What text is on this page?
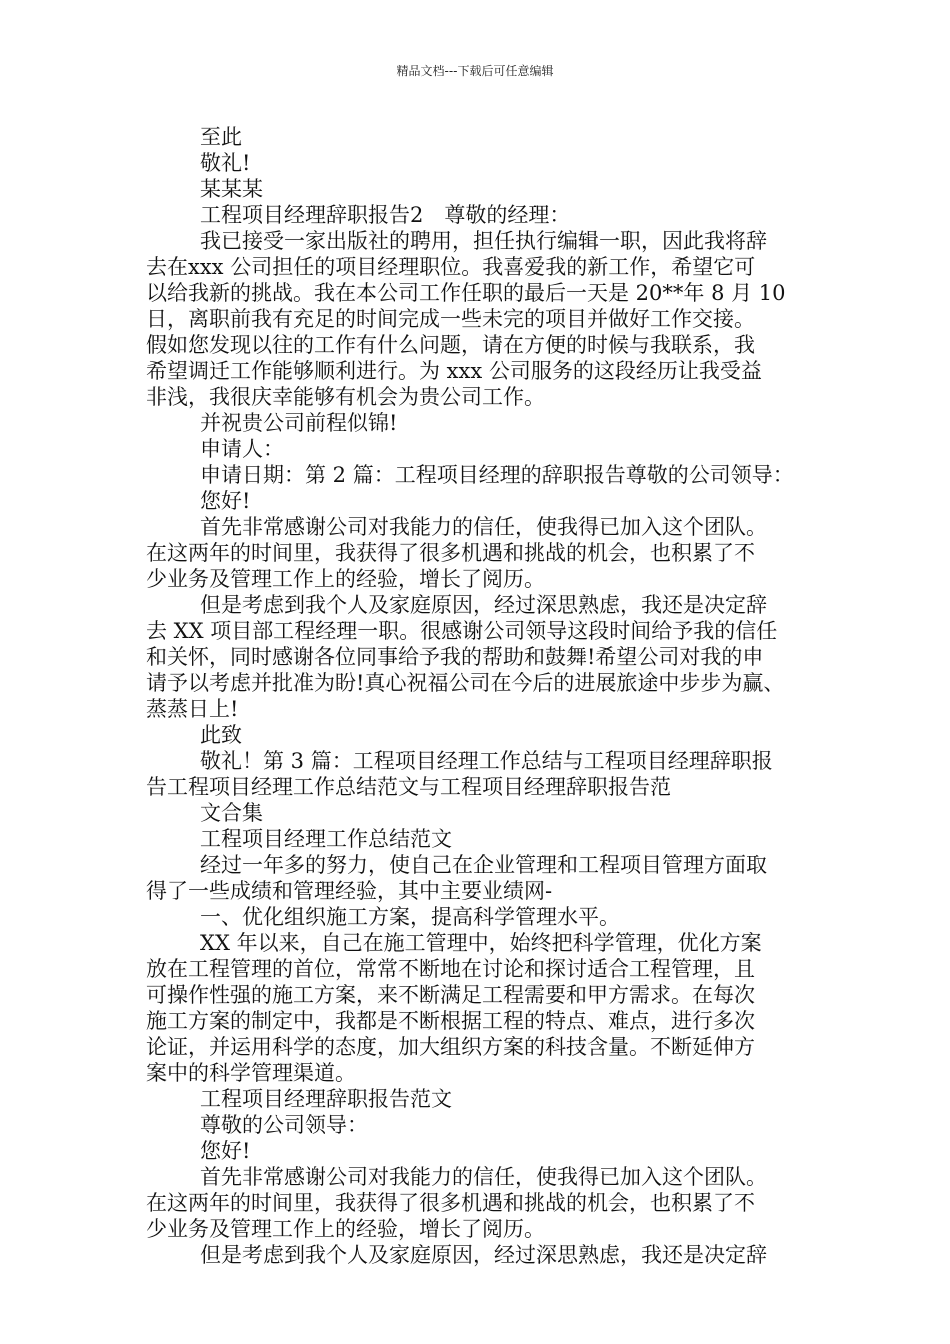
精品文档---下载后可任意编辑
至此
敬礼!
某某某
工程项目经理辞职报告2　尊敬的经理：
我已接受一家出版社的聘用，担任执行编辑一职，因此我将辞
去在xxx 公司担任的项目经理职位。我喜爱我的新工作，希望它可
以给我新的挑战。我在本公司工作任职的最后一天是 20**年 8 月 10
日，离职前我有充足的时间完成一些未完的项目并做好工作交接。
假如您发现以往的工作有什么问题，请在方便的时候与我联系，我
希望调迁工作能够顺利进行。为 xxx 公司服务的这段经历让我受益
非浅，我很庆幸能够有机会为贵公司工作。
并祝贵公司前程似锦!
申请人：
申请日期：第 2 篇：工程项目经理的辞职报告尊敬的公司领导：
您好!
首先非常感谢公司对我能力的信任，使我得已加入这个团队。
在这两年的时间里，我获得了很多机遇和挑战的机会，也积累了不
少业务及管理工作上的经验，增长了阅历。
但是考虑到我个人及家庭原因，经过深思熟虑，我还是决定辞
去 XX 项目部工程经理一职。很感谢公司领导这段时间给予我的信任
和关怀，同时感谢各位同事给予我的帮助和鼓舞!希望公司对我的申
请予以考虑并批准为盼!真心祝福公司在今后的进展旅途中步步为赢、
蒸蒸日上!
此致
敬礼！第 3 篇：工程项目经理工作总结与工程项目经理辞职报
告工程项目经理工作总结范文与工程项目经理辞职报告范
文合集
工程项目经理工作总结范文
经过一年多的努力，使自己在企业管理和工程项目管理方面取
得了一些成绩和管理经验，其中主要业绩网-
一、优化组织施工方案，提高科学管理水平。
XX 年以来，自己在施工管理中，始终把科学管理，优化方案
放在工程管理的首位，常常不断地在讨论和探讨适合工程管理，且
可操作性强的施工方案，来不断满足工程需要和甲方需求。在每次
施工方案的制定中，我都是不断根据工程的特点、难点，进行多次
论证，并运用科学的态度，加大组织方案的科技含量。不断延伸方
案中的科学管理渠道。
工程项目经理辞职报告范文
尊敬的公司领导：
您好!
首先非常感谢公司对我能力的信任，使我得已加入这个团队。
在这两年的时间里，我获得了很多机遇和挑战的机会，也积累了不
少业务及管理工作上的经验，增长了阅历。
但是考虑到我个人及家庭原因，经过深思熟虑，我还是决定辞
